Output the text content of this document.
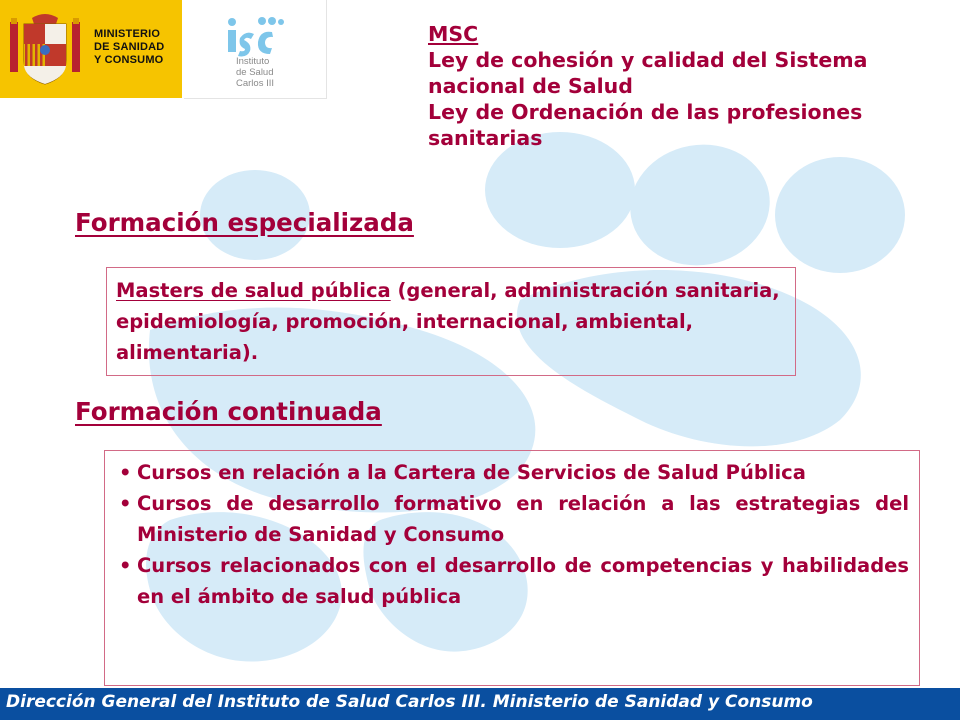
MINISTERIO
DE SANIDAD
Y CONSUMO	Instituto
de Salud
Carlos III
MSC
Ley de cohesión y calidad del Sistema
nacional de Salud
Ley de Ordenación de las profesiones
sanitarias
Formación especializada

Masters de salud pública (general, administración sanitaria, epidemiología, promoción, internacional, ambiental, alimentaria).

Formación continuada
• Cursos en relación a la Cartera de Servicios de Salud Pública
• Cursos de desarrollo formativo en relación a las estrategias del Ministerio de Sanidad y Consumo
• Cursos relacionados con el desarrollo de competencias y habilidades en el ámbito de salud pública
Dirección General del Instituto de Salud Carlos III. Ministerio de Sanidad y Consumo
